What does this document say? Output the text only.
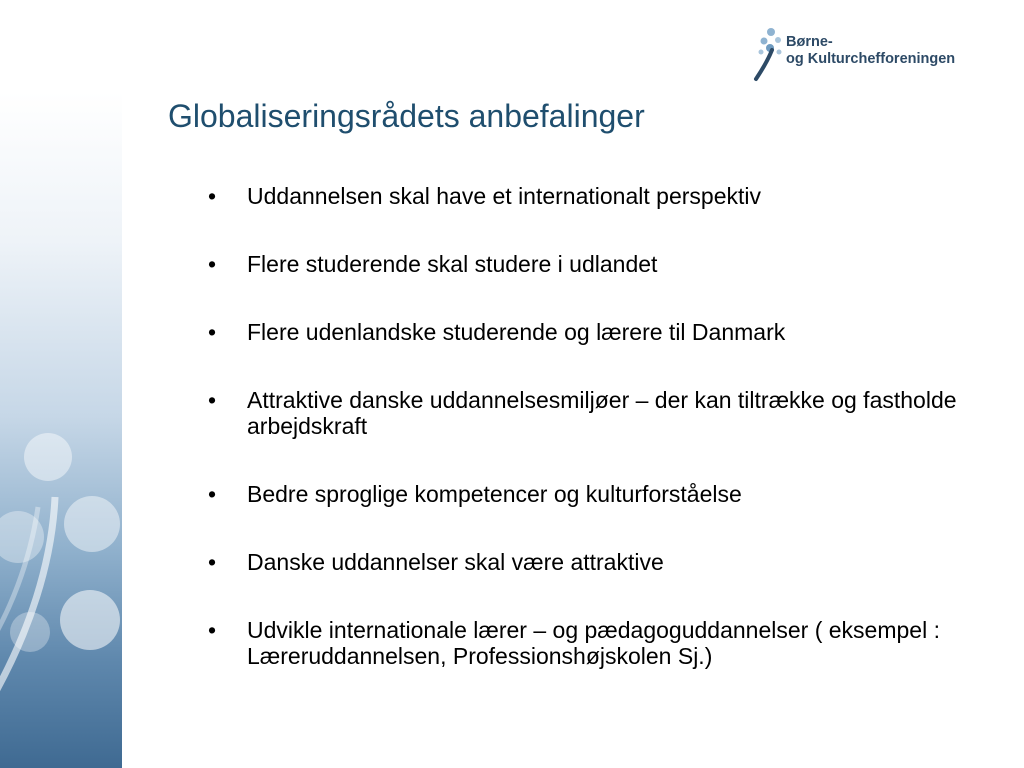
Børne-
og Kulturchefforeningen
Globaliseringsrådets anbefalinger
• Uddannelsen skal have et internationalt perspektiv
• Flere studerende skal studere i udlandet
• Flere udenlandske studerende og lærere til Danmark
• Attraktive danske uddannelsesmiljøer – der kan tiltrække og fastholde arbejdskraft
• Bedre sproglige kompetencer og kulturforståelse
• Danske uddannelser skal være attraktive
• Udvikle internationale lærer – og pædagoguddannelser ( eksempel : Læreruddannelsen, Professionshøjskolen Sj.)
